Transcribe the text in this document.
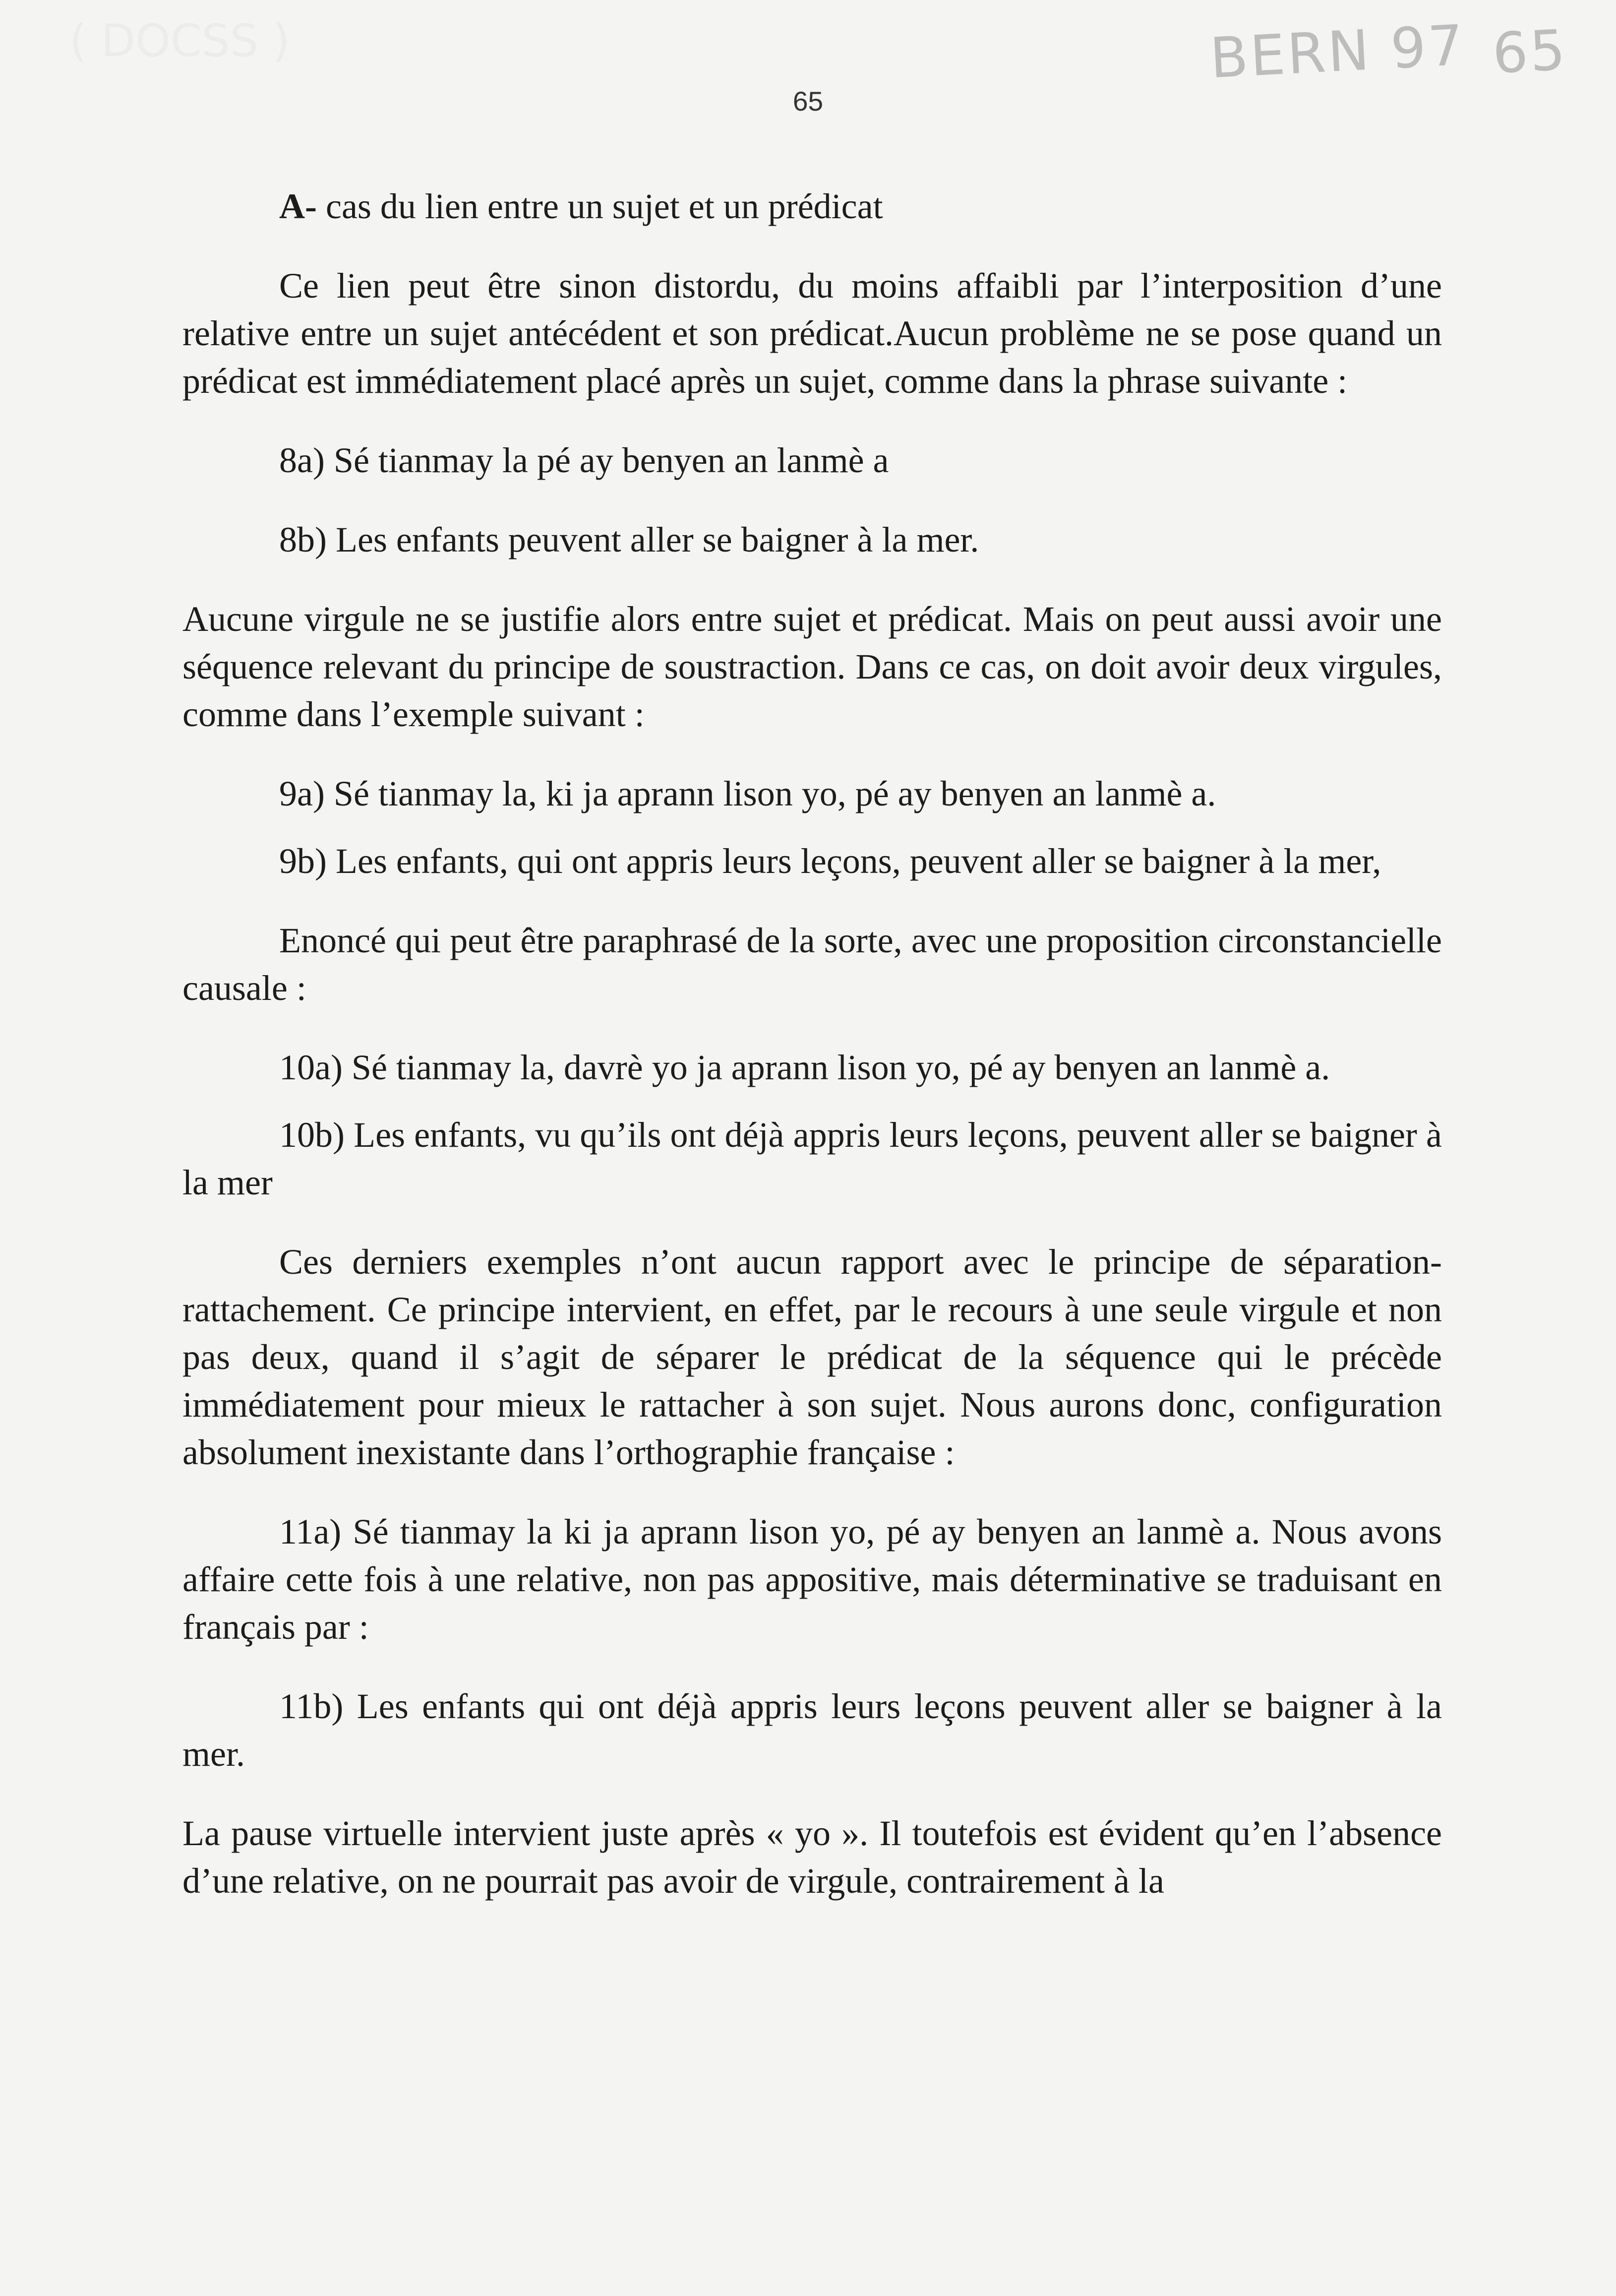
( DOCSS )	BERN 97 65
65

A- cas du lien entre un sujet et un prédicat

Ce lien peut être sinon distordu, du moins affaibli par l’interposition d’une relative entre un sujet antécédent et son prédicat.Aucun problème ne se pose quand un prédicat est immédiatement placé après un sujet, comme dans la phrase suivante :

8a) Sé tianmay la pé ay benyen an lanmè a

8b) Les enfants peuvent aller se baigner à la mer.

Aucune virgule ne se justifie alors entre sujet et prédicat. Mais on peut aussi avoir une séquence relevant du principe de soustraction. Dans ce cas, on doit avoir deux virgules, comme dans l’exemple suivant :

9a) Sé tianmay la, ki ja aprann lison yo, pé ay benyen an lanmè a.

9b) Les enfants, qui ont appris leurs leçons, peuvent aller se baigner à la mer,

Enoncé qui peut être paraphrasé de la sorte, avec une proposition circonstancielle causale :

10a) Sé tianmay la, davrè yo ja aprann lison yo, pé ay benyen an lanmè a.

10b) Les enfants, vu qu’ils ont déjà appris leurs leçons, peuvent aller se baigner à la mer

Ces derniers exemples n’ont aucun rapport avec le principe de séparation-rattachement. Ce principe intervient, en effet, par le recours à une seule virgule et non pas deux, quand il s’agit de séparer le prédicat de la séquence qui le précède immédiatement pour mieux le rattacher à son sujet. Nous aurons donc, configuration absolument inexistante dans l’orthographie française :

11a) Sé tianmay la ki ja aprann lison yo, pé ay benyen an lanmè a. Nous avons affaire cette fois à une relative, non pas appositive, mais déterminative se traduisant en français par :

11b) Les enfants qui ont déjà appris leurs leçons peuvent aller se baigner à la mer.

La pause virtuelle intervient juste après « yo ». Il toutefois est évident qu’en l’absence d’une relative, on ne pourrait pas avoir de virgule, contrairement à la
